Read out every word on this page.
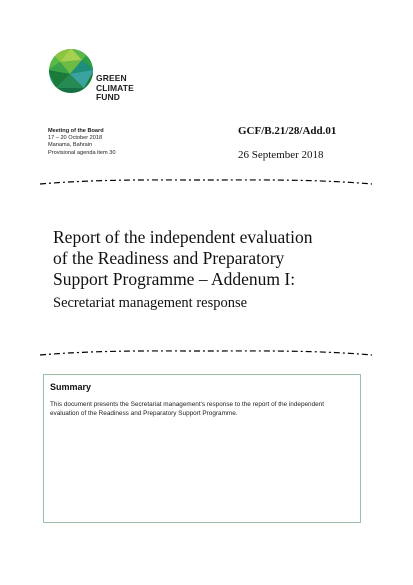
GREEN
CLIMATE
FUND
Meeting of the Board
17 – 20 October 2018
Manama, Bahrain
Provisional agenda item 30
GCF/B.21/28/Add.01
26 September 2018
Report of the independent evaluation
of the Readiness and Preparatory
Support Programme – Addenum I:
Secretariat management response
Summary
This document presents the Secretariat management's response to the report of the independent evaluation of the Readiness and Preparatory Support Programme.
